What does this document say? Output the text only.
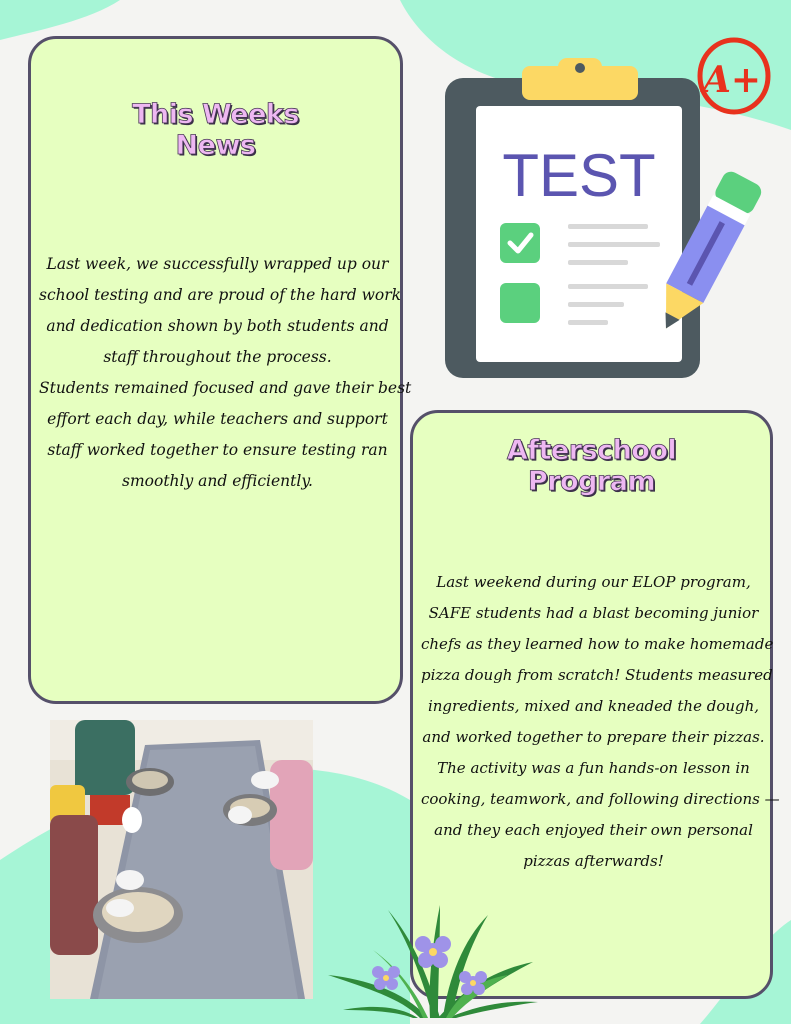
This Weeks
News

Last week, we successfully wrapped up our
school testing and are proud of the hard work
and dedication shown by both students and
staff throughout the process.
Students remained focused and gave their best
effort each day, while teachers and support
staff worked together to ensure testing ran
smoothly and efficiently.

TEST
A+
Afterschool
Program

Last weekend during our ELOP program,
SAFE students had a blast becoming junior
chefs as they learned how to make homemade
pizza dough from scratch! Students measured
ingredients, mixed and kneaded the dough,
and worked together to prepare their pizzas.
The activity was a fun hands-on lesson in
cooking, teamwork, and following directions —
and they each enjoyed their own personal
pizzas afterwards!
